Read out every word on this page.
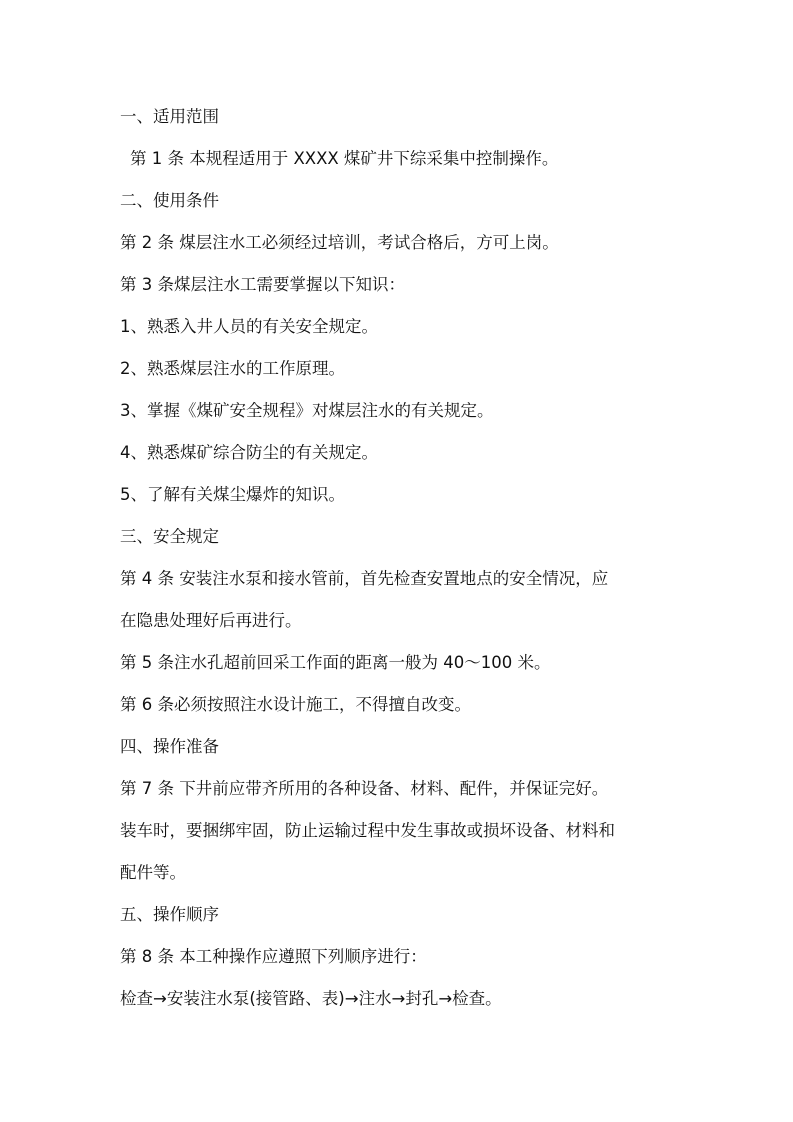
一、适用范围
第 1 条 本规程适用于 XXXX 煤矿井下综采集中控制操作。
二、使用条件
第 2 条 煤层注水工必须经过培训，考试合格后，方可上岗。
第 3 条煤层注水工需要掌握以下知识：
1、熟悉入井人员的有关安全规定。
2、熟悉煤层注水的工作原理。
3、掌握《煤矿安全规程》对煤层注水的有关规定。
4、熟悉煤矿综合防尘的有关规定。
5、了解有关煤尘爆炸的知识。
三、安全规定
第 4 条 安装注水泵和接水管前，首先检查安置地点的安全情况，应
在隐患处理好后再进行。
第 5 条注水孔超前回采工作面的距离一般为 40～100 米。
第 6 条必须按照注水设计施工，不得擅自改变。
四、操作准备
第 7 条 下井前应带齐所用的各种设备、材料、配件，并保证完好。
装车时，要捆绑牢固，防止运输过程中发生事故或损坏设备、材料和
配件等。
五、操作顺序
第 8 条 本工种操作应遵照下列顺序进行：
检查→安装注水泵(接管路、表)→注水→封孔→检查。
